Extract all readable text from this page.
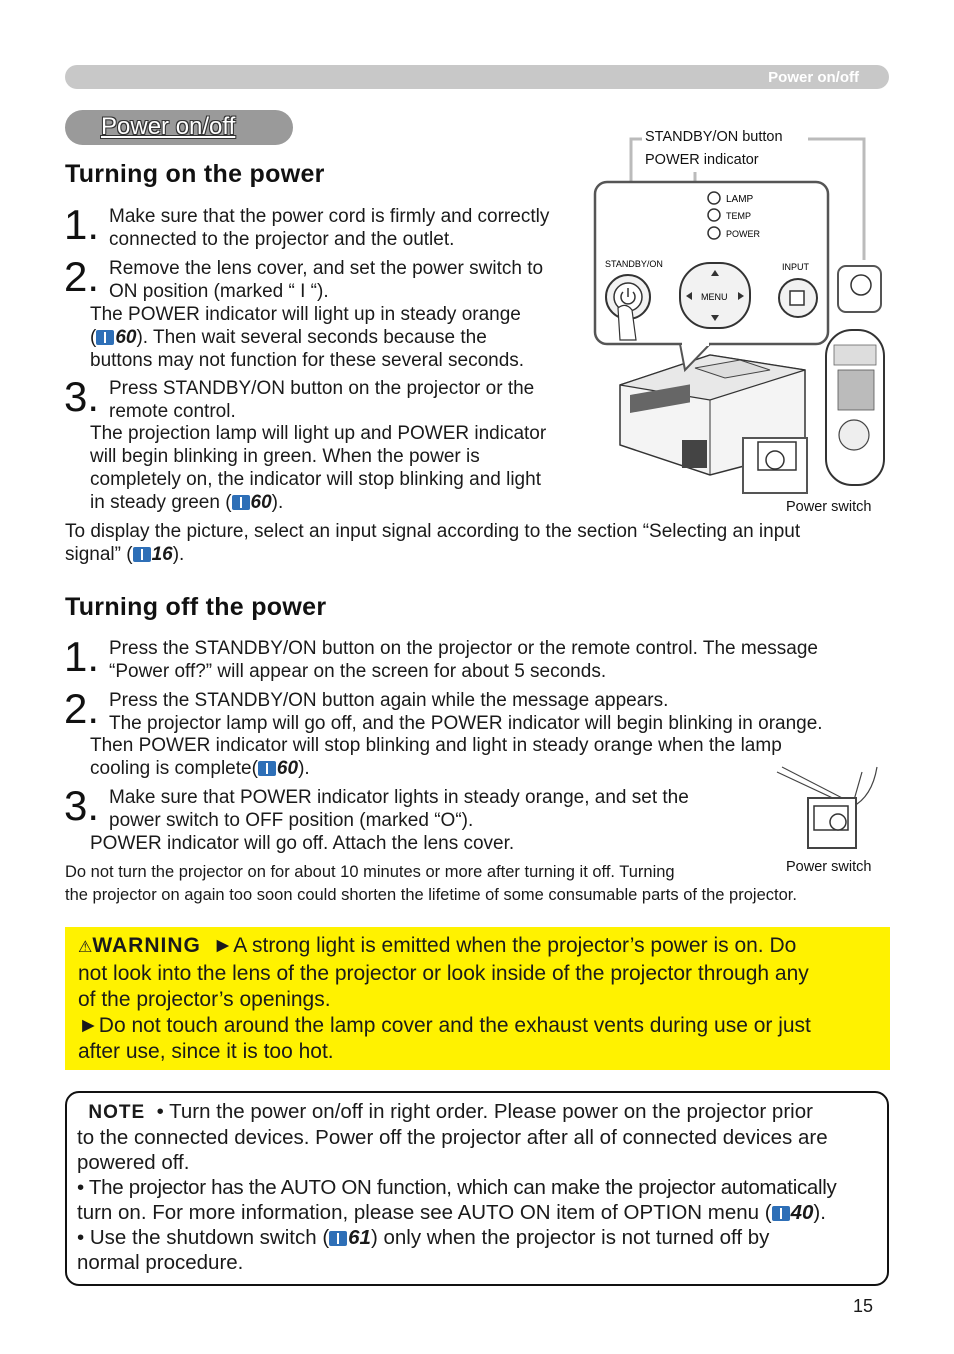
Power on/off
Power on/off
Turning on the power
1. Make sure that the power cord is firmly and correctly
connected to the projector and the outlet.
2. Remove the lens cover, and set the power switch to
ON position (marked “ I “).
The POWER indicator will light up in steady orange
( 60). Then wait several seconds because the
buttons may not function for these several seconds.
3. Press STANDBY/ON button on the projector or the
remote control.
The projection lamp will light up and POWER indicator
will begin blinking in green. When the power is
completely on, the indicator will stop blinking and light
in steady green ( 60).
To display the picture, select an input signal according to the section “Selecting an input
signal” ( 16).
LAMP
TEMP
POWER
STANDBY/ON
MENU
INPUT
STANDBY/ON button
POWER indicator
Power switch
Turning off the power
1. Press the STANDBY/ON button on the projector or the remote control. The message
“Power off?” will appear on the screen for about 5 seconds.
2. Press the STANDBY/ON button again while the message appears.
The projector lamp will go off, and the POWER indicator will begin blinking in orange.
Then POWER indicator will stop blinking and light in steady orange when the lamp
cooling is complete( 60).
3. Make sure that POWER indicator lights in steady orange, and set the
power switch to OFF position (marked “O“).
POWER indicator will go off. Attach the lens cover.
Do not turn the projector on for about 10 minutes or more after turning it off. Turning
the projector on again too soon could shorten the lifetime of some consumable parts of the projector.
Power switch
⚠WARNING ►A strong light is emitted when the projector’s power is on. Do
not look into the lens of the projector or look inside of the projector through any
of the projector’s openings.
►Do not touch around the lamp cover and the exhaust vents during use or just
after use, since it is too hot.
NOTE • Turn the power on/off in right order. Please power on the projector prior
to the connected devices. Power off the projector after all of connected devices are
powered off.
• The projector has the AUTO ON function, which can make the projector automatically
turn on. For more information, please see AUTO ON item of OPTION menu ( 40).
• Use the shutdown switch ( 61) only when the projector is not turned off by
normal procedure.
15
